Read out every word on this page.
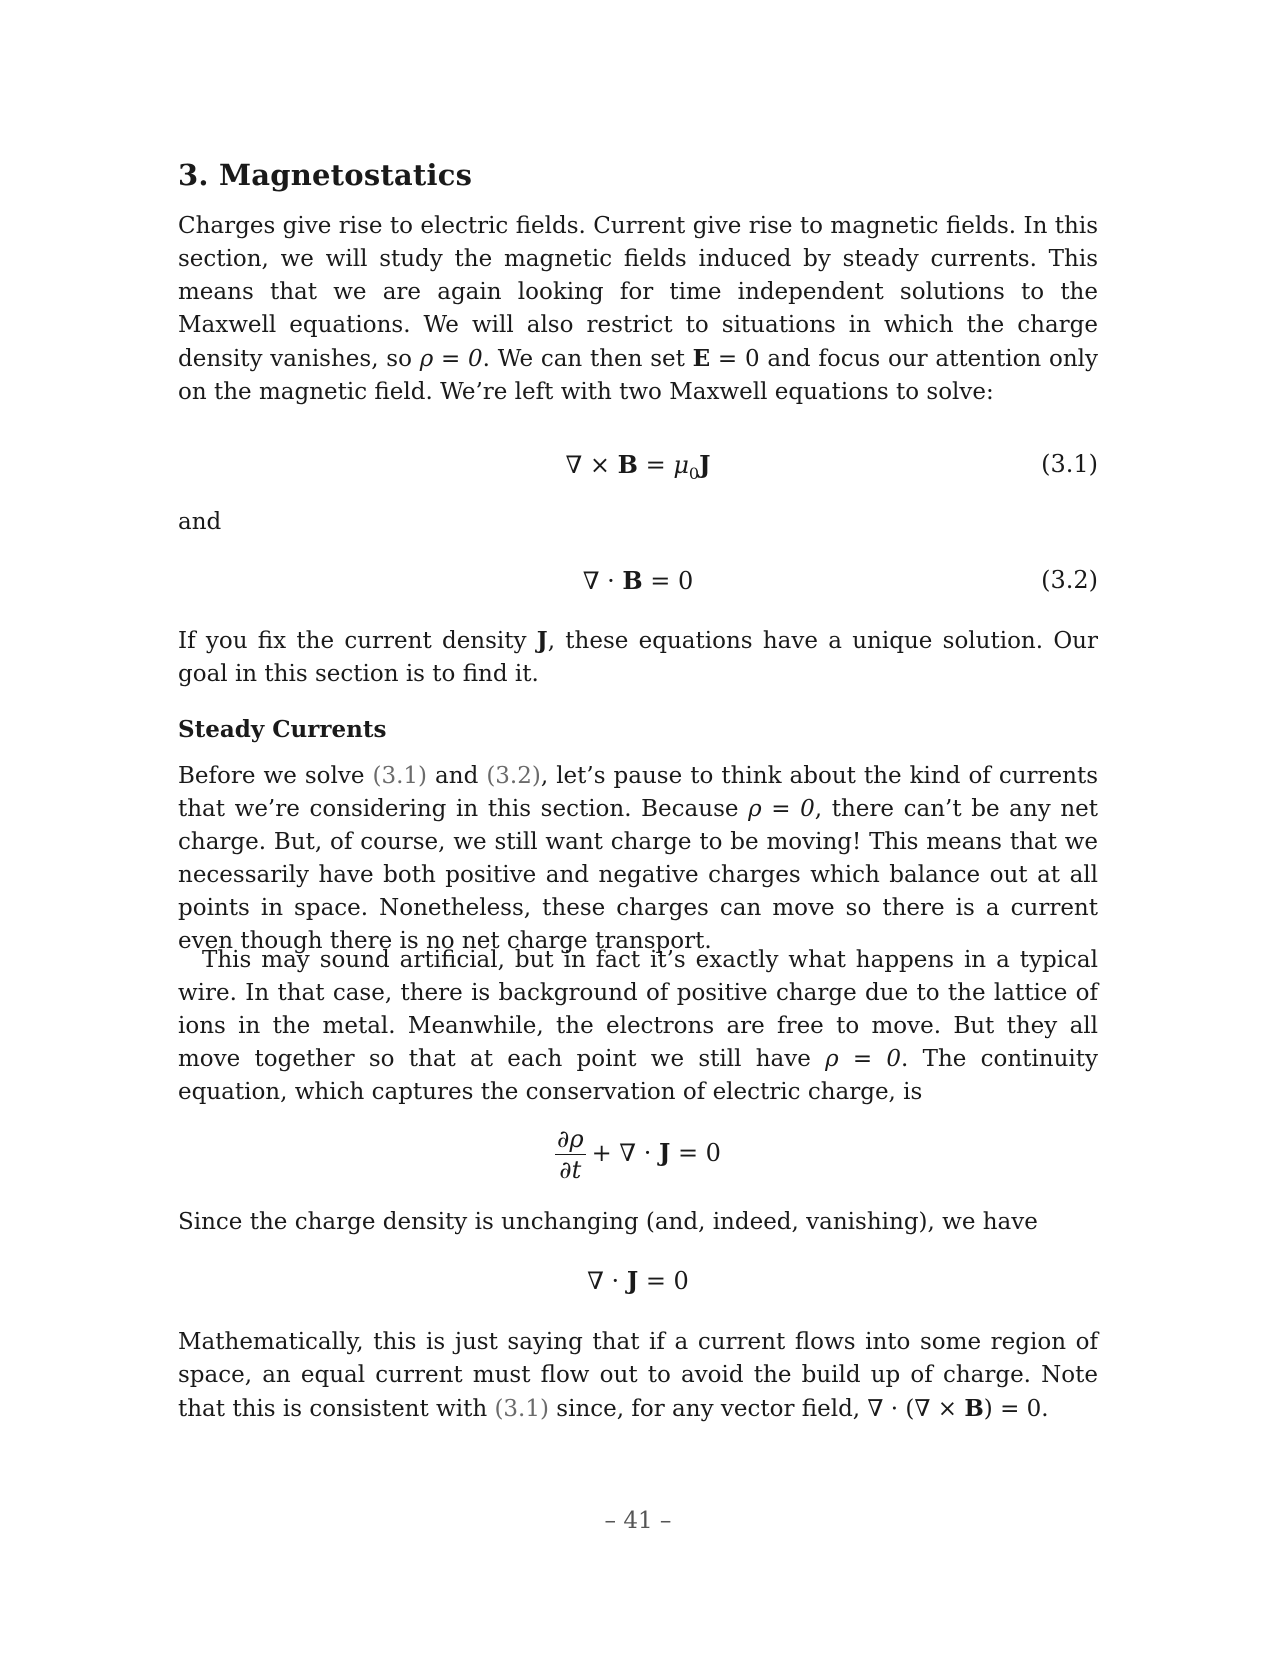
3. Magnetostatics

Charges give rise to electric fields. Current give rise to magnetic fields. In this section, we will study the magnetic fields induced by steady currents. This means that we are again looking for time independent solutions to the Maxwell equations. We will also restrict to situations in which the charge density vanishes, so ρ = 0. We can then set E = 0 and focus our attention only on the magnetic field. We’re left with two Maxwell equations to solve:

∇ × $B = \mu_0J$	(3.1)

and

∇ · B = 0	(3.2)

If you fix the current density J, these equations have a unique solution. Our goal in this section is to find it.

Steady Currents

Before we solve (3.1) and (3.2), let’s pause to think about the kind of currents that we’re considering in this section. Because ρ = 0, there can’t be any net charge. But, of course, we still want charge to be moving! This means that we necessarily have both positive and negative charges which balance out at all points in space. Nonetheless, these charges can move so there is a current even though there is no net charge transport.

This may sound artificial, but in fact it’s exactly what happens in a typical wire. In that case, there is background of positive charge due to the lattice of ions in the metal. Meanwhile, the electrons are free to move. But they all move together so that at each point we still have ρ = 0. The continuity equation, which captures the conservation of electric charge, is

$\frac{\partial\rho}{\partial t}$ + ∇ · J = 0

Since the charge density is unchanging (and, indeed, vanishing), we have

∇ · J = 0

Mathematically, this is just saying that if a current flows into some region of space, an equal current must flow out to avoid the build up of charge. Note that this is consistent with (3.1) since, for any vector field, ∇ · (∇ × B) = 0.

– 41 –
